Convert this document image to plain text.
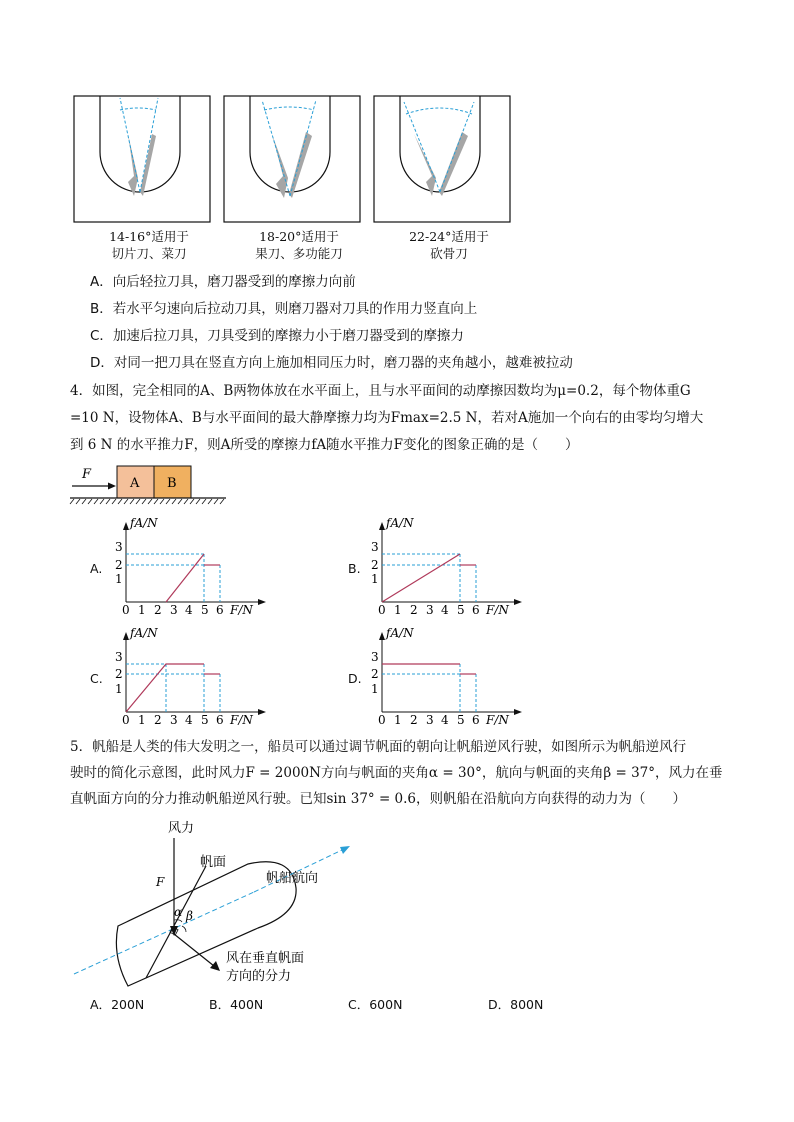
14-16°适用于
切片刀、菜刀
18-20°适用于
果刀、多功能刀
22-24°适用于
砍骨刀
A．向后轻拉刀具，磨刀器受到的摩擦力向前
B．若水平匀速向后拉动刀具，则磨刀器对刀具的作用力竖直向上
C．加速后拉刀具，刀具受到的摩擦力小于磨刀器受到的摩擦力
D．对同一把刀具在竖直方向上施加相同压力时，磨刀器的夹角越小，越难被拉动
4．如图，完全相同的A、B两物体放在水平面上，且与水平面间的动摩擦因数均为μ=0.2，每个物体重G
=10 N，设物体A、B与水平面间的最大静摩擦力均为Fmax=2.5 N，若对A施加一个向右的由零均匀增大
到 6 N 的水平推力F，则A所受的摩擦力fA随水平推力F变化的图象正确的是（　　）
F
A B
A.
fA/N
F/N
1
2
3
0 1 2 3 4 5 6
B.
fA/N
F/N
1
2
3
0 1 2 3 4 5 6
C.
fA/N
F/N
1
2
3
0 1 2 3 4 5 6
D.
fA/N
F/N
1
2
3
0 1 2 3 4 5 6
5．帆船是人类的伟大发明之一，船员可以通过调节帆面的朝向让帆船逆风行驶，如图所示为帆船逆风行
驶时的简化示意图，此时风力F = 2000N方向与帆面的夹角α = 30°，航向与帆面的夹角β = 37°，风力在垂
直帆面方向的分力推动帆船逆风行驶。已知sin 37° = 0.6，则帆船在沿航向方向获得的动力为（　　）
风力
帆面
帆船航向
F
α β
风在垂直帆面
方向的分力
A．200N	B．400N	C．600N	D．800N
